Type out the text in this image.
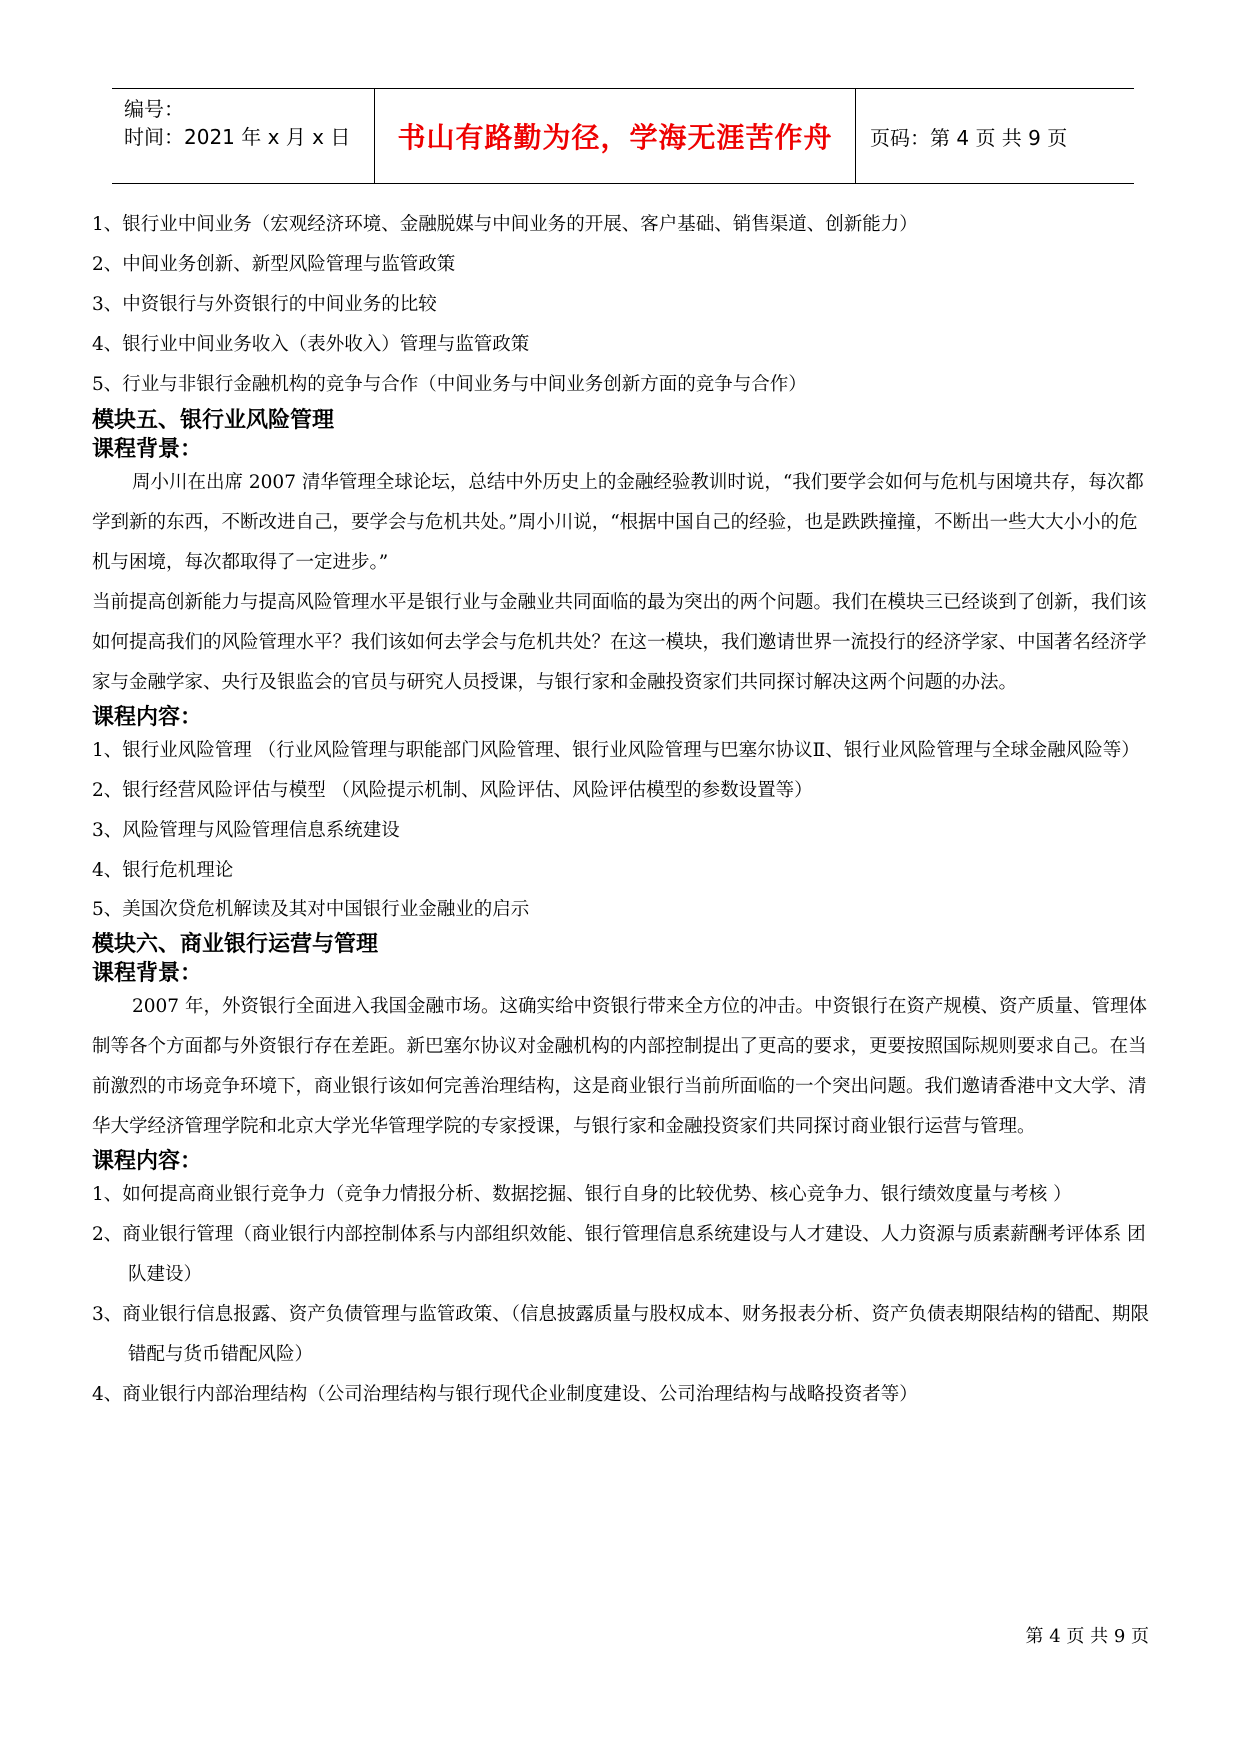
编号：
时间：2021 年 x 月 x 日	书山有路勤为径，学海无涯苦作舟	页码：第 4 页 共 9 页
1、银行业中间业务（宏观经济环境、金融脱媒与中间业务的开展、客户基础、销售渠道、创新能力）
2、中间业务创新、新型风险管理与监管政策
3、中资银行与外资银行的中间业务的比较
4、银行业中间业务收入（表外收入）管理与监管政策
5、行业与非银行金融机构的竞争与合作（中间业务与中间业务创新方面的竞争与合作）
模块五、银行业风险管理
课程背景：
周小川在出席 2007 清华管理全球论坛，总结中外历史上的金融经验教训时说，“我们要学会如何与危机与困境共存，每次都学到新的东西，不断改进自己，要学会与危机共处。”周小川说，“根据中国自己的经验，也是跌跌撞撞，不断出一些大大小小的危机与困境，每次都取得了一定进步。”
当前提高创新能力与提高风险管理水平是银行业与金融业共同面临的最为突出的两个问题。我们在模块三已经谈到了创新，我们该如何提高我们的风险管理水平？我们该如何去学会与危机共处？在这一模块，我们邀请世界一流投行的经济学家、中国著名经济学家与金融学家、央行及银监会的官员与研究人员授课，与银行家和金融投资家们共同探讨解决这两个问题的办法。
课程内容：
1、银行业风险管理 （行业风险管理与职能部门风险管理、银行业风险管理与巴塞尔协议Ⅱ、银行业风险管理与全球金融风险等）
2、银行经营风险评估与模型 （风险提示机制、风险评估、风险评估模型的参数设置等）
3、风险管理与风险管理信息系统建设
4、银行危机理论
5、美国次贷危机解读及其对中国银行业金融业的启示
模块六、商业银行运营与管理
课程背景：
2007 年，外资银行全面进入我国金融市场。这确实给中资银行带来全方位的冲击。中资银行在资产规模、资产质量、管理体制等各个方面都与外资银行存在差距。新巴塞尔协议对金融机构的内部控制提出了更高的要求，更要按照国际规则要求自己。在当前激烈的市场竞争环境下，商业银行该如何完善治理结构，这是商业银行当前所面临的一个突出问题。我们邀请香港中文大学、清华大学经济管理学院和北京大学光华管理学院的专家授课，与银行家和金融投资家们共同探讨商业银行运营与管理。
课程内容：
1、如何提高商业银行竞争力（竞争力情报分析、数据挖掘、银行自身的比较优势、核心竞争力、银行绩效度量与考核 ）
2、商业银行管理（商业银行内部控制体系与内部组织效能、银行管理信息系统建设与人才建设、人力资源与质素薪酬考评体系 团队建设）
3、商业银行信息报露、资产负债管理与监管政策、（信息披露质量与股权成本、财务报表分析、资产负债表期限结构的错配、期限错配与货币错配风险）
4、商业银行内部治理结构（公司治理结构与银行现代企业制度建设、公司治理结构与战略投资者等）
第 4 页 共 9 页
